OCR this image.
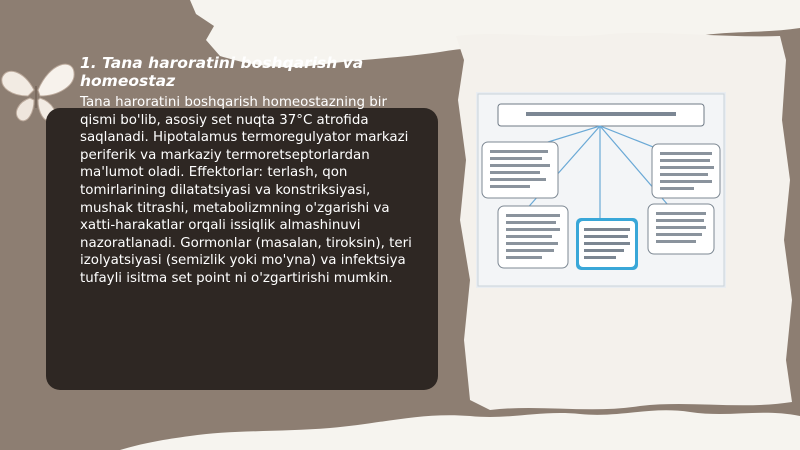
1. Tana haroratini boshqarish va homeostaz

Tana haroratini boshqarish homeostazning bir qismi bo'lib, asosiy set nuqta 37°C atrofida saqlanadi. Hipotalamus termoregulyator markazi periferik va markaziy termoretseptorlardan ma'lumot oladi. Effektorlar: terlash, qon tomirlarining dilatatsiyasi va konstriksiyasi, mushak titrashi, metabolizmning o'zgarishi va xatti-harakatlar orqali issiqlik almashinuvi nazoratlanadi. Gormonlar (masalan, tiroksin), teri izolyatsiyasi (semizlik yoki mo'yna) va infektsiya tufayli isitma set point ni o'zgartirishi mumkin.
